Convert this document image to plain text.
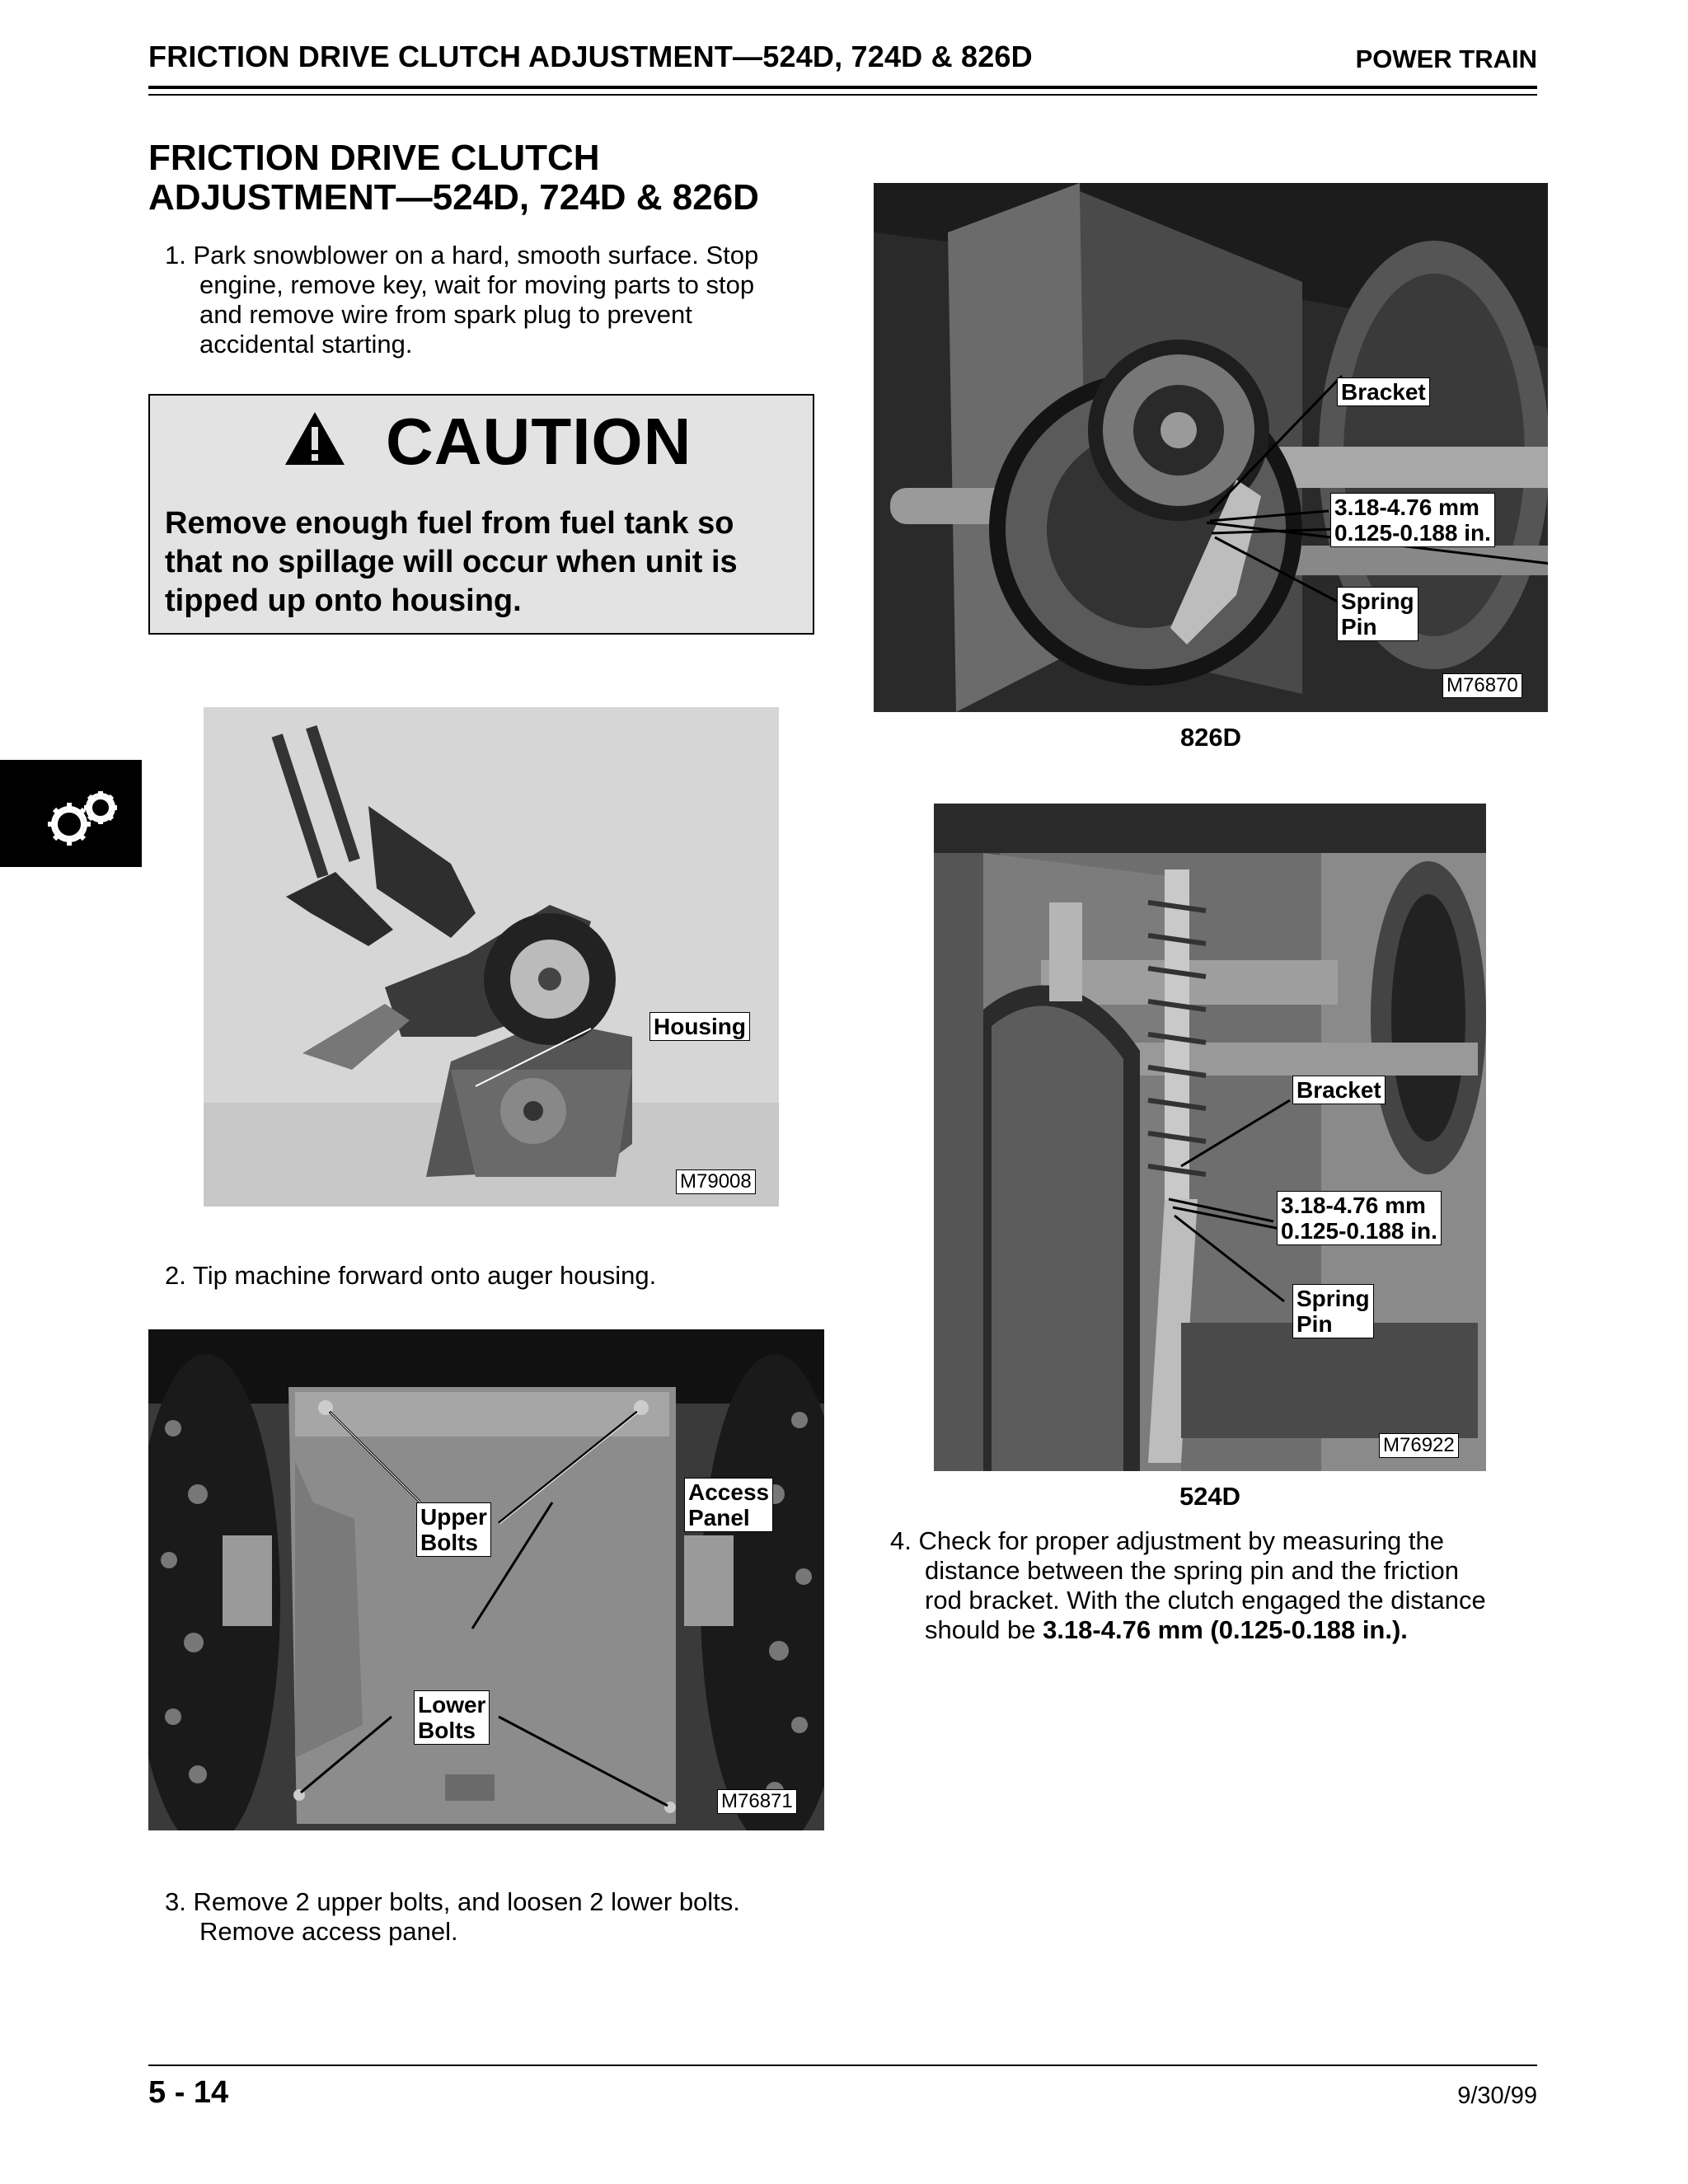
FRICTION DRIVE CLUTCH ADJUSTMENT—524D, 724D & 826D	POWER TRAIN
FRICTION DRIVE CLUTCH
ADJUSTMENT—524D, 724D & 826D
1. Park snowblower on a hard, smooth surface. Stop
engine, remove key, wait for moving parts to stop
and remove wire from spark plug to prevent
accidental starting.
CAUTION
Remove enough fuel from fuel tank so
that no spillage will occur when unit is
tipped up onto housing.
Housing
M79008
2. Tip machine forward onto auger housing.
Upper
Bolts
Access
Panel
Lower
Bolts
M76871
3. Remove 2 upper bolts, and loosen 2 lower bolts.
Remove access panel.
Bracket
3.18-4.76 mm
0.125-0.188 in.
Spring
Pin
M76870
826D
Bracket
3.18-4.76 mm
0.125-0.188 in.
Spring
Pin
M76922
524D
4. Check for proper adjustment by measuring the
distance between the spring pin and the friction
rod bracket. With the clutch engaged the distance
should be 3.18-4.76 mm (0.125-0.188 in.).
5 - 14	9/30/99
